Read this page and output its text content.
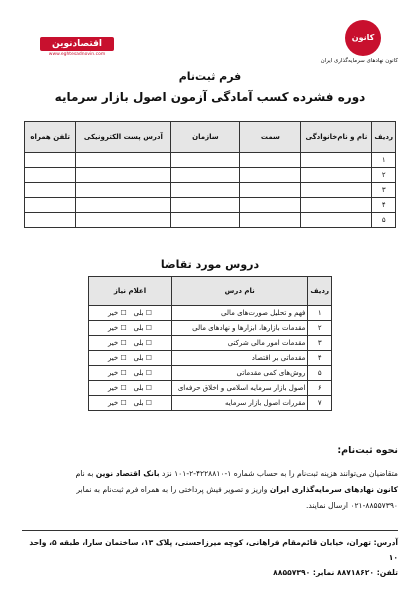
کانون
کانون نهادهای سرمایه‌گذاری ایران
اقتصادنوین
www.eghtesadnovin.com
فرم ثبت‌نام
دوره فشرده کسب آمادگی آزمون اصول بازار سرمایه
ردیف	نام و نام‌خانوادگی	سمت	سازمان	آدرس پست الکترونیکی	تلفن همراه
۱					
۲					
۳					
۴					
۵					
دروس مورد تقاضا
ردیف	نام درس	اعلام نیاز
۱	فهم و تحلیل صورت‌های مالی	☐ بلی   ☐ خیر
۲	مقدمات بازارها، ابزارها و نهادهای مالی	☐ بلی   ☐ خیر
۳	مقدمات امور مالی شرکتی	☐ بلی   ☐ خیر
۴	مقدماتی بر اقتصاد	☐ بلی   ☐ خیر
۵	روش‌های کمی مقدماتی	☐ بلی   ☐ خیر
۶	اصول بازار سرمایه اسلامی و اخلاق حرفه‌ای	☐ بلی   ☐ خیر
۷	مقررات اصول بازار سرمایه	☐ بلی   ☐ خیر
نحوه ثبت‌نام:
متقاضیان می‌توانند هزینه ثبت‌نام را به حساب شماره ۱-۴۲۲۸۸۱۰-۲-۱۰۱ نزد بانک اقتصاد نوین به نام
کانون نهادهای سرمایه‌گذاری ایران واریز و تصویر فیش پرداختی را به همراه فرم ثبت‌نام به نمابر
۰۲۱-۸۸۵۵۷۳۹۰ ارسال نمایند.
آدرس: تهران، خیابان قائم‌مقام فراهانی، کوچه میرزاحسنی، پلاک ۱۳، ساختمان سارا، طبقه ۵، واحد ۱۰
تلفن: ۸۸۷۱۸۶۲۰ نمابر: ۸۸۵۵۷۳۹۰
